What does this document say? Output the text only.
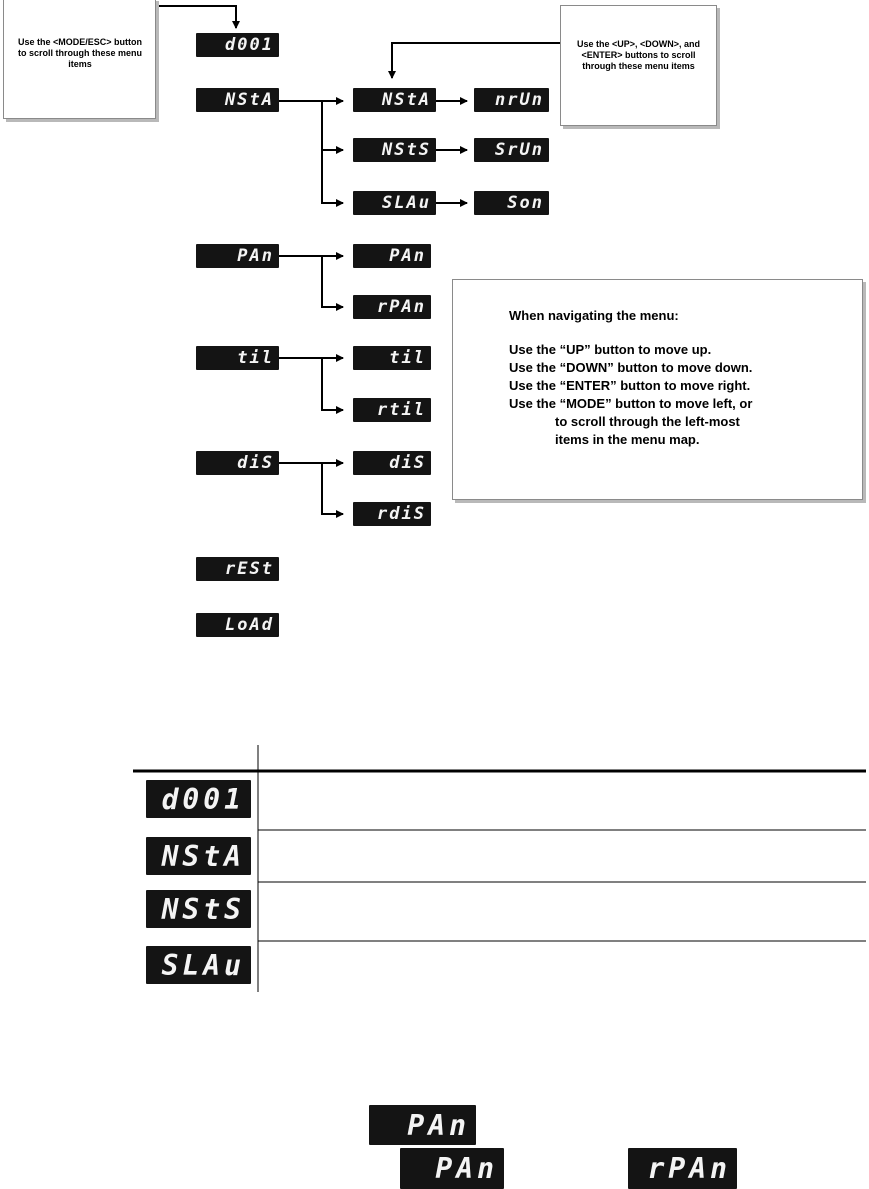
Use the <MODE/ESC> button to scroll through these menu items
Use the <UP>, <DOWN>, and <ENTER> buttons to scroll through these menu items
d001
NStA
PAn
til
diS
rESt
LoAd
NStA
NStS
SLAu
PAn
rPAn
til
rtil
diS
rdiS
nrUn
SrUn
Son
When navigating the menu:
Use the “UP” button to move up.
Use the “DOWN” button to move down.
Use the “ENTER” button to move right.
Use the “MODE” button to move left, or
to scroll through the left-most
items in the menu map.
d001
NStA
NStS
SLAu
PAn
PAn	rPAn
